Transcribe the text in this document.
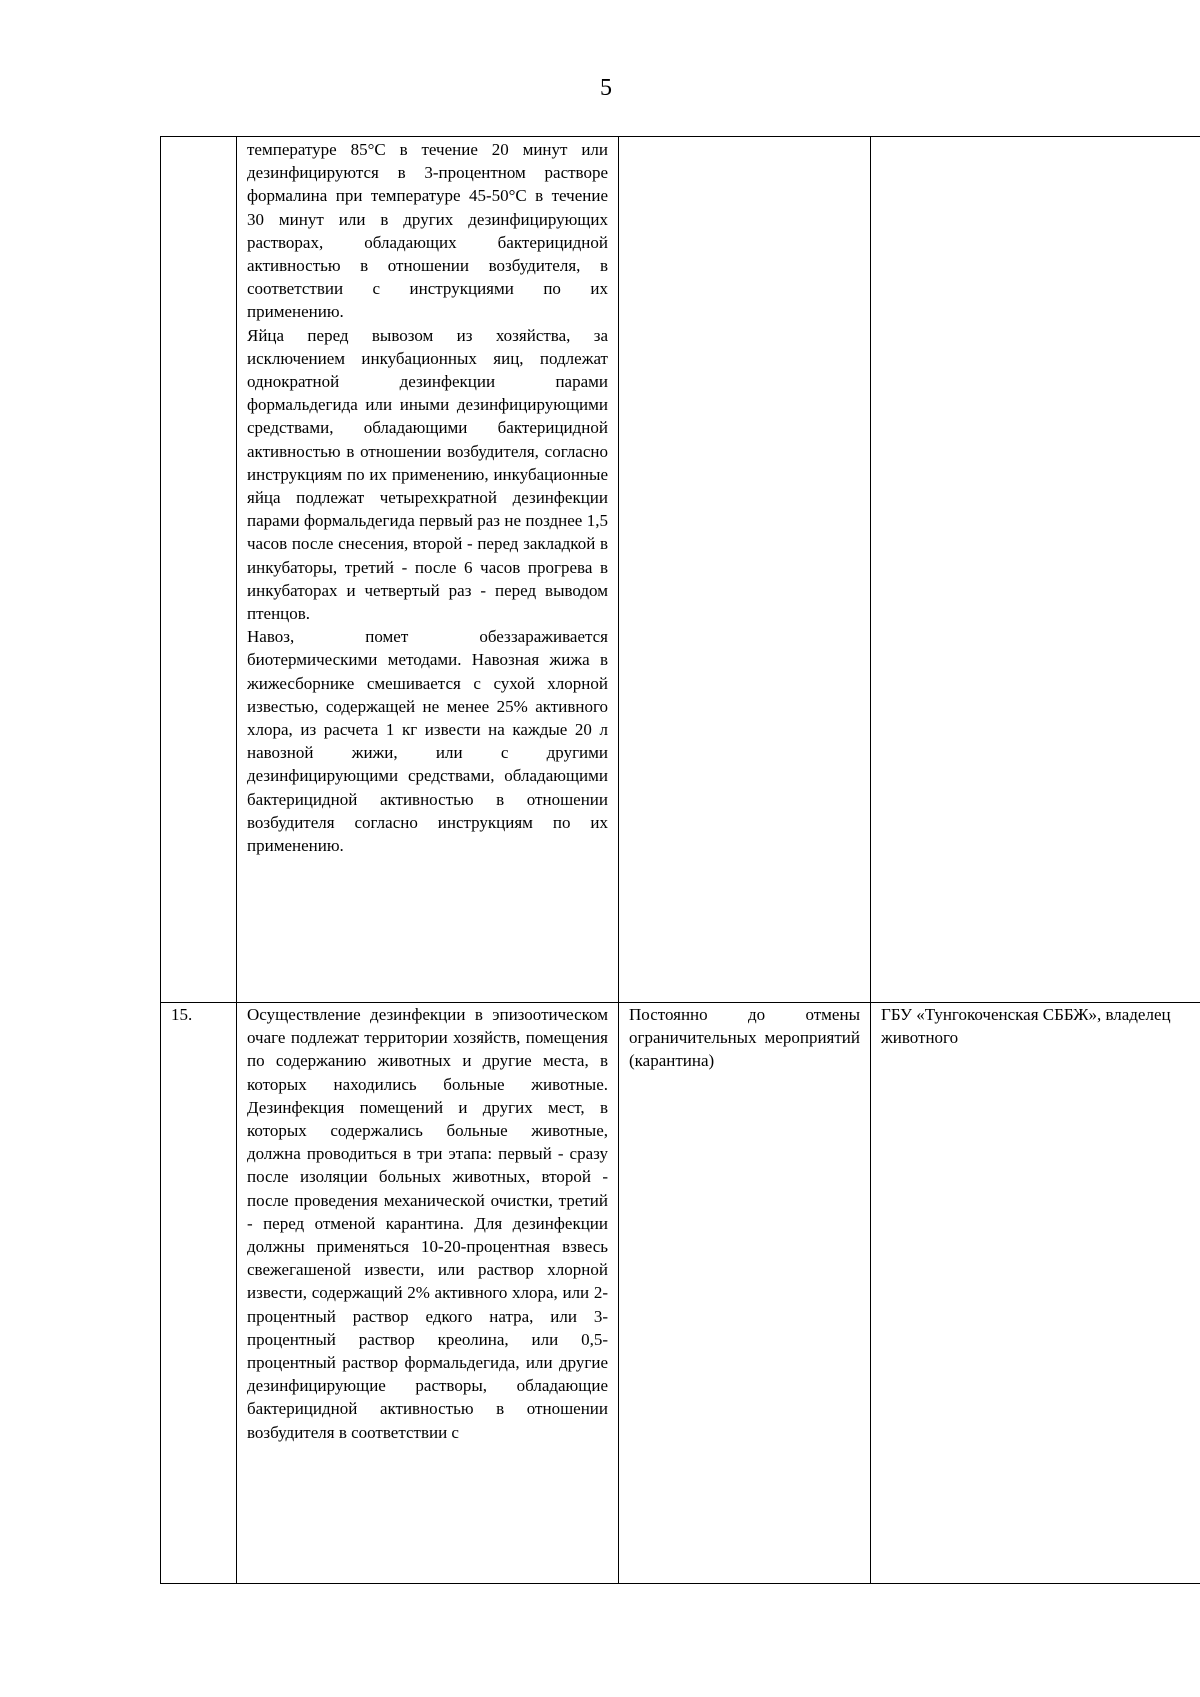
5

	температуре 85°С в течение 20 минут или дезинфицируются в 3-процентном растворе формалина при температуре 45-50°С в течение 30 минут или в других дезинфицирующих растворах, обладающих бактерицидной активностью в отношении возбудителя, в соответствии с инструкциями по их применению.

Яйца перед вывозом из хозяйства, за исключением инкубационных яиц, подлежат однократной дезинфекции парами формальдегида или иными дезинфицирующими средствами, обладающими бактерицидной активностью в отношении возбудителя, согласно инструкциям по их применению, инкубационные яйца подлежат четырехкратной дезинфекции парами формальдегида первый раз не позднее 1,5 часов после снесения, второй - перед закладкой в инкубаторы, третий - после 6 часов прогрева в инкубаторах и четвертый раз - перед выводом птенцов.

Навоз, помет обеззараживается биотермическими методами. Навозная жижа в жижесборнике смешивается с сухой хлорной известью, содержащей не менее 25% активного хлора, из расчета 1 кг извести на каждые 20 л навозной жижи, или с другими дезинфицирующими средствами, обладающими бактерицидной активностью в отношении возбудителя согласно инструкциям по их применению.		

15.	Осуществление дезинфекции в эпизоотическом очаге подлежат территории хозяйств, помещения по содержанию животных и другие места, в которых находились больные животные. Дезинфекция помещений и других мест, в которых содержались больные животные, должна проводиться в три этапа: первый - сразу после изоляции больных животных, второй - после проведения механической очистки, третий - перед отменой карантина. Для дезинфекции должны применяться 10-20-процентная взвесь свежегашеной извести, или раствор хлорной извести, содержащий 2% активного хлора, или 2-процентный раствор едкого натра, или 3-процентный раствор креолина, или 0,5-процентный раствор формальдегида, или другие дезинфицирующие растворы, обладающие бактерицидной активностью в отношении возбудителя в соответствии с	Постоянно до отмены ограничительных мероприятий (карантина)	ГБУ «Тунгокоченская СББЖ», владелец животного
